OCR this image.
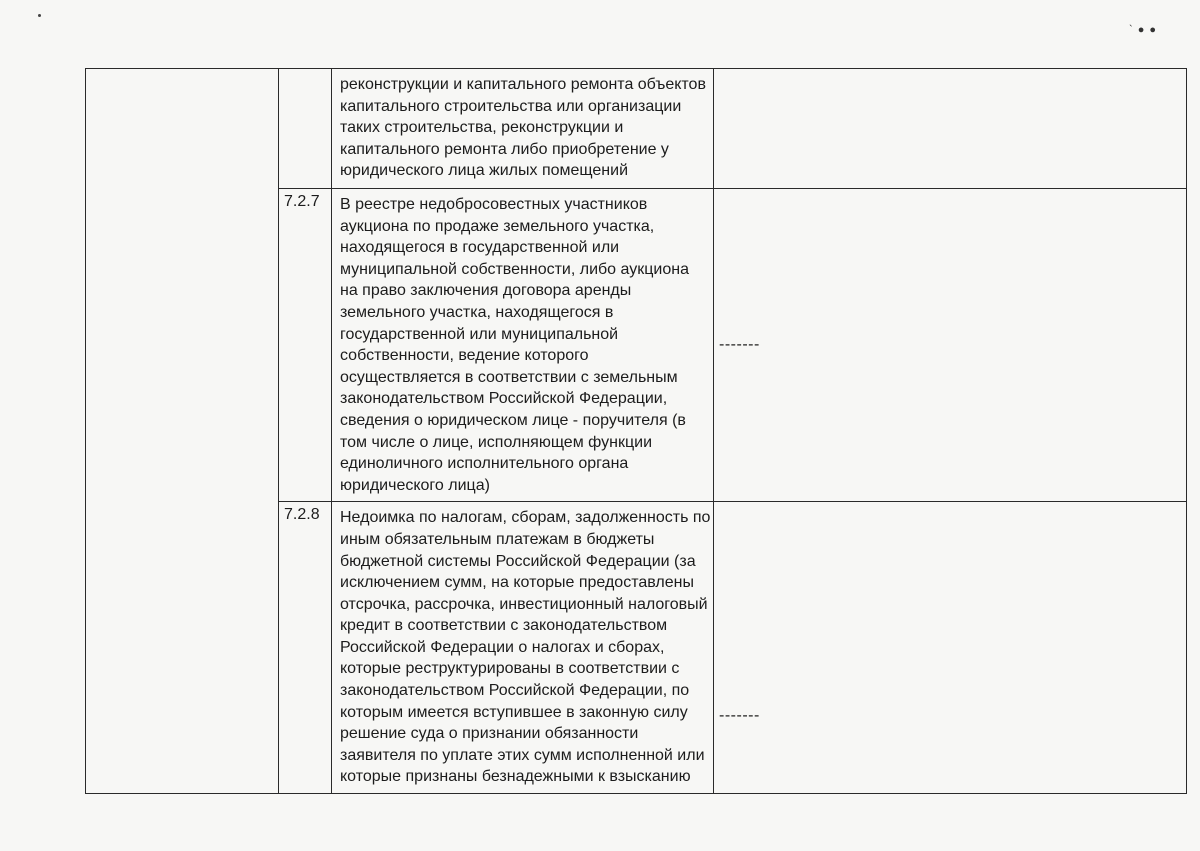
` ● ●
		реконструкции и капитального ремонта объектов капитального строительства или организации таких строительства, реконструкции и капитального ремонта либо приобретение у юридического лица жилых помещений	
	7.2.7	В реестре недобросовестных участников аукциона по продаже земельного участка, находящегося в государственной или муниципальной собственности, либо аукциона на право заключения договора аренды земельного участка, находящегося в государственной или муниципальной собственности, ведение которого осуществляется в соответствии с земельным законодательством Российской Федерации, сведения о юридическом лице - поручителя (в том числе о лице, исполняющем функции единоличного исполнительного органа юридического лица)	-------
	7.2.8	Недоимка по налогам, сборам, задолженность по иным обязательным платежам в бюджеты бюджетной системы Российской Федерации (за исключением сумм, на которые предоставлены отсрочка, рассрочка, инвестиционный налоговый кредит в соответствии с законодательством Российской Федерации о налогах и сборах, которые реструктурированы в соответствии с законодательством Российской Федерации, по которым имеется вступившее в законную силу решение суда о признании обязанности заявителя по уплате этих сумм исполненной или которые признаны безнадежными к взысканию	-------
